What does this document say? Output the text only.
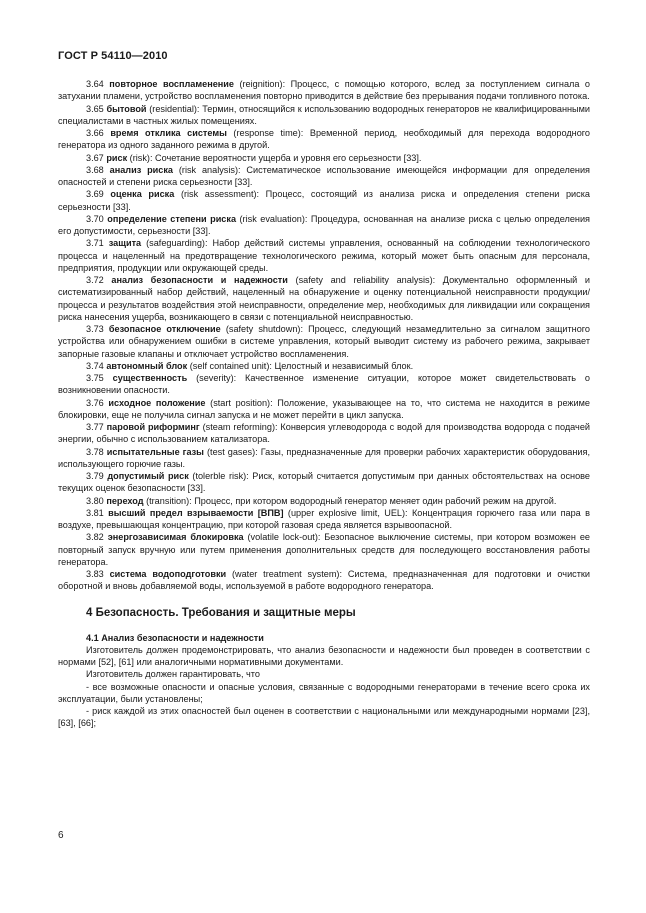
ГОСТ Р 54110—2010

3.64 повторное воспламенение (reignition): Процесс, с помощью которого, вслед за поступлением сигнала о затухании пламени, устройство воспламенения повторно приводится в действие без прерывания подачи топливного потока.

3.65 бытовой (residential): Термин, относящийся к использованию водородных генераторов не квалифицированными специалистами в частных жилых помещениях.

3.66 время отклика системы (response time): Временной период, необходимый для перехода водородного генератора из одного заданного режима в другой.

3.67 риск (risk): Сочетание вероятности ущерба и уровня его серьезности [33].

3.68 анализ риска (risk analysis): Систематическое использование имеющейся информации для определения опасностей и степени риска серьезности [33].

3.69 оценка риска (risk assessment): Процесс, состоящий из анализа риска и определения степени риска серьезности [33].

3.70 определение степени риска (risk evaluation): Процедура, основанная на анализе риска с целью определения его допустимости, серьезности [33].

3.71 защита (safeguarding): Набор действий системы управления, основанный на соблюдении технологического процесса и нацеленный на предотвращение технологического режима, который может быть опасным для персонала, предприятия, продукции или окружающей среды.

3.72 анализ безопасности и надежности (safety and reliability analysis): Документально оформленный и систематизированный набор действий, нацеленный на обнаружение и оценку потенциальной неисправности продукции/процесса и результатов воздействия этой неисправности, определение мер, необходимых для ликвидации или сокращения риска нанесения ущерба, возникающего в связи с потенциальной неисправностью.

3.73 безопасное отключение (safety shutdown): Процесс, следующий незамедлительно за сигналом защитного устройства или обнаружением ошибки в системе управления, который выводит систему из рабочего режима, закрывает запорные газовые клапаны и отключает устройство воспламенения.

3.74 автономный блок (self contained unit): Целостный и независимый блок.

3.75 существенность (severity): Качественное изменение ситуации, которое может свидетельствовать о возникновении опасности.

3.76 исходное положение (start position): Положение, указывающее на то, что система не находится в режиме блокировки, еще не получила сигнал запуска и не может перейти в цикл запуска.

3.77 паровой риформинг (steam reforming): Конверсия углеводорода с водой для производства водорода с подачей энергии, обычно с использованием катализатора.

3.78 испытательные газы (test gases): Газы, предназначенные для проверки рабочих характеристик оборудования, использующего горючие газы.

3.79 допустимый риск (tolerble risk): Риск, который считается допустимым при данных обстоятельствах на основе текущих оценок безопасности [33].

3.80 переход (transition): Процесс, при котором водородный генератор меняет один рабочий режим на другой.

3.81 высший предел взрываемости [ВПВ] (upper explosive limit, UEL): Концентрация горючего газа или пара в воздухе, превышающая концентрацию, при которой газовая среда является взрывоопасной.

3.82 энергозависимая блокировка (volatile lock-out): Безопасное выключение системы, при котором возможен ее повторный запуск вручную или путем применения дополнительных средств для последующего восстановления работы генератора.

3.83 система водоподготовки (water treatment system): Система, предназначенная для подготовки и очистки оборотной и вновь добавляемой воды, используемой в работе водородного генератора.

4 Безопасность. Требования и защитные меры
4.1 Анализ безопасности и надежности

Изготовитель должен продемонстрировать, что анализ безопасности и надежности был проведен в соответствии с нормами [52], [61] или аналогичными нормативными документами.

Изготовитель должен гарантировать, что

- все возможные опасности и опасные условия, связанные с водородными генераторами в течение всего срока их эксплуатации, были установлены;

- риск каждой из этих опасностей был оценен в соответствии с национальными или международными нормами [23], [63], [66];

6
